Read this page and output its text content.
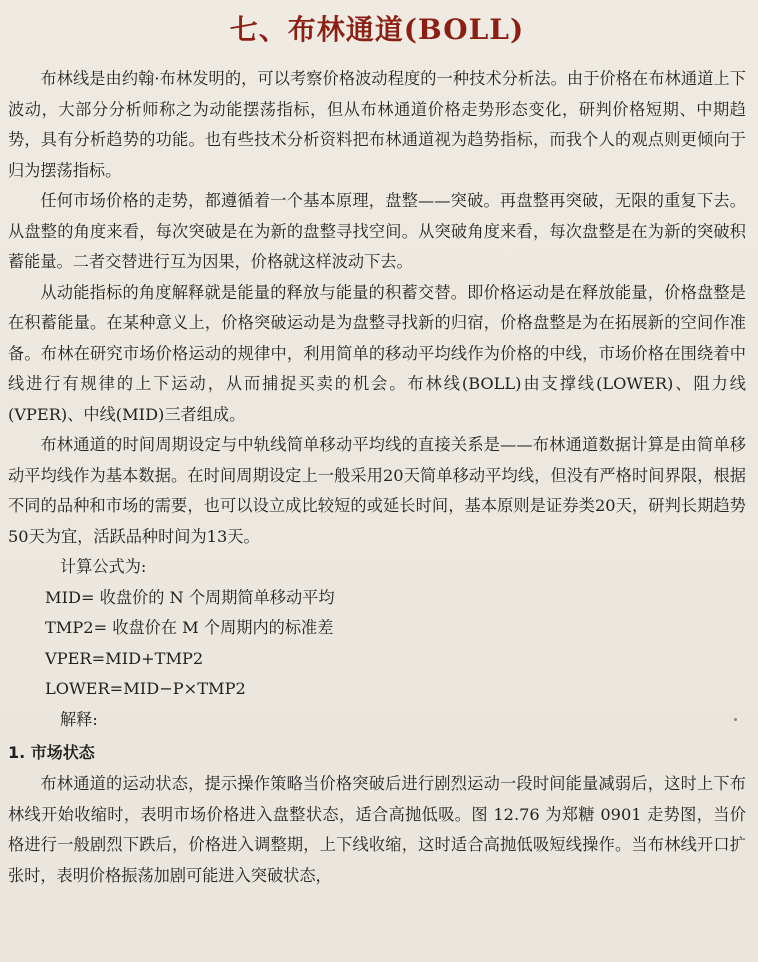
七、布林通道(BOLL)

布林线是由约翰·布林发明的，可以考察价格波动程度的一种技术分析法。由于价格在布林通道上下波动，大部分分析师称之为动能摆荡指标，但从布林通道价格走势形态变化，研判价格短期、中期趋势，具有分析趋势的功能。也有些技术分析资料把布林通道视为趋势指标，而我个人的观点则更倾向于归为摆荡指标。

任何市场价格的走势，都遵循着一个基本原理，盘整——突破。再盘整再突破，无限的重复下去。从盘整的角度来看，每次突破是在为新的盘整寻找空间。从突破角度来看，每次盘整是在为新的突破积蓄能量。二者交替进行互为因果，价格就这样波动下去。

从动能指标的角度解释就是能量的释放与能量的积蓄交替。即价格运动是在释放能量，价格盘整是在积蓄能量。在某种意义上，价格突破运动是为盘整寻找新的归宿，价格盘整是为在拓展新的空间作准备。布林在研究市场价格运动的规律中，利用简单的移动平均线作为价格的中线，市场价格在围绕着中线进行有规律的上下运动，从而捕捉买卖的机会。布林线(BOLL)由支撑线(LOWER)、阻力线(VPER)、中线(MID)三者组成。

布林通道的时间周期设定与中轨线简单移动平均线的直接关系是——布林通道数据计算是由简单移动平均线作为基本数据。在时间周期设定上一般采用20天简单移动平均线，但没有严格时间界限，根据不同的品种和市场的需要，也可以设立成比较短的或延长时间，基本原则是证券类20天，研判长期趋势50天为宜，活跃品种时间为13天。

计算公式为:

MID= 收盘价的 N 个周期简单移动平均

TMP2= 收盘价在 M 个周期内的标准差

VPER=MID+TMP2

LOWER=MID−P×TMP2

解释:

1. 市场状态

布林通道的运动状态，提示操作策略当价格突破后进行剧烈运动一段时间能量减弱后，这时上下布林线开始收缩时，表明市场价格进入盘整状态，适合高抛低吸。图 12.76 为郑糖 0901 走势图，当价格进行一般剧烈下跌后，价格进入调整期，上下线收缩，这时适合高抛低吸短线操作。当布林线开口扩张时，表明价格振荡加剧可能进入突破状态，
